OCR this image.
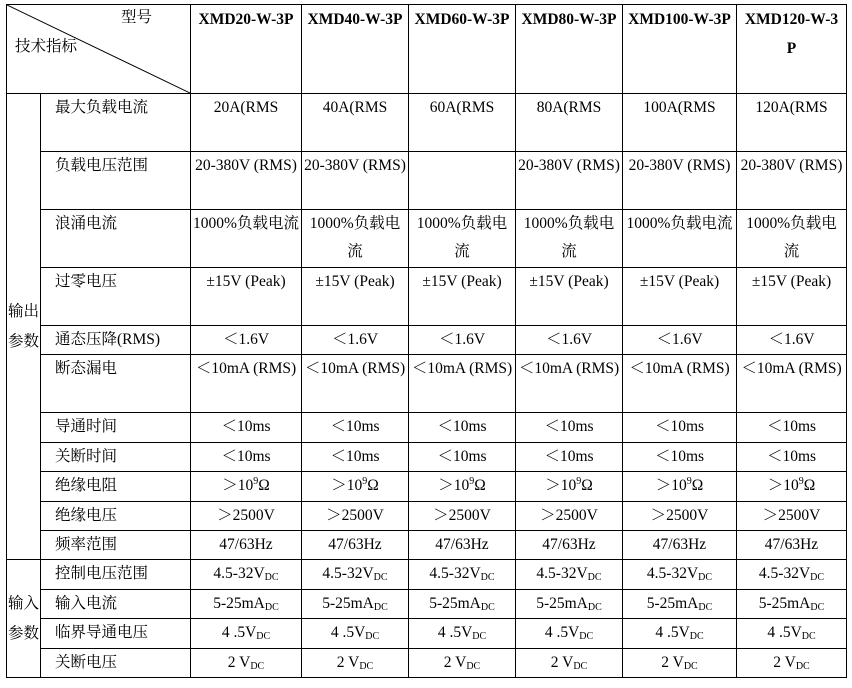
型号
技术指标		XMD20-W-3P	XMD40-W-3P	XMD60-W-3P	XMD80-W-3P	XMD100-W-3P	XMD120-W-3P
输出参数	最大负载电流	20A(RMS	40A(RMS	60A(RMS	80A(RMS	100A(RMS	120A(RMS
	负载电压范围	20-380V (RMS)	20-380V (RMS)		20-380V (RMS)	20-380V (RMS)	20-380V (RMS)
	浪涌电流	1000%负载电流	1000%负载电流	1000%负载电流	1000%负载电流	1000%负载电流	1000%负载电流
	过零电压	±15V (Peak)	±15V (Peak)	±15V (Peak)	±15V (Peak)	±15V (Peak)	±15V (Peak)
	通态压降(RMS)	＜1.6V	＜1.6V	＜1.6V	＜1.6V	＜1.6V	＜1.6V
	断态漏电	＜10mA (RMS)	＜10mA (RMS)	＜10mA (RMS)	＜10mA (RMS)	＜10mA (RMS)	＜10mA (RMS)
	导通时间	＜10ms	＜10ms	＜10ms	＜10ms	＜10ms	＜10ms
	关断时间	＜10ms	＜10ms	＜10ms	＜10ms	＜10ms	＜10ms
	绝缘电阻	$>10^9\Omega$	$>10^9\Omega$	$>10^9\Omega$	$>10^9\Omega$	$>10^9\Omega$	$>10^9\Omega$
	绝缘电压	＞2500V	＞2500V	＞2500V	＞2500V	＞2500V	＞2500V
	频率范围	47/63Hz	47/63Hz	47/63Hz	47/63Hz	47/63Hz	47/63Hz
输入参数	控制电压范围	$4.5-32V_{DC}$	$4.5-32V_{DC}$	$4.5-32V_{DC}$	$4.5-32V_{DC}$	$4.5-32V_{DC}$	$4.5-32V_{DC}$
	输入电流	$5-25mA_{DC}$	$5-25mA_{DC}$	$5-25mA_{DC}$	$5-25mA_{DC}$	$5-25mA_{DC}$	$5-25mA_{DC}$
	临界导通电压	4 $.5V_{DC}$	4 $.5V_{DC}$	4 $.5V_{DC}$	4 $.5V_{DC}$	4 $.5V_{DC}$	4 $.5V_{DC}$
	关断电压	2 $V_{DC}$	2 $V_{DC}$	2 $V_{DC}$	2 $V_{DC}$	2 $V_{DC}$	2 $V_{DC}$
